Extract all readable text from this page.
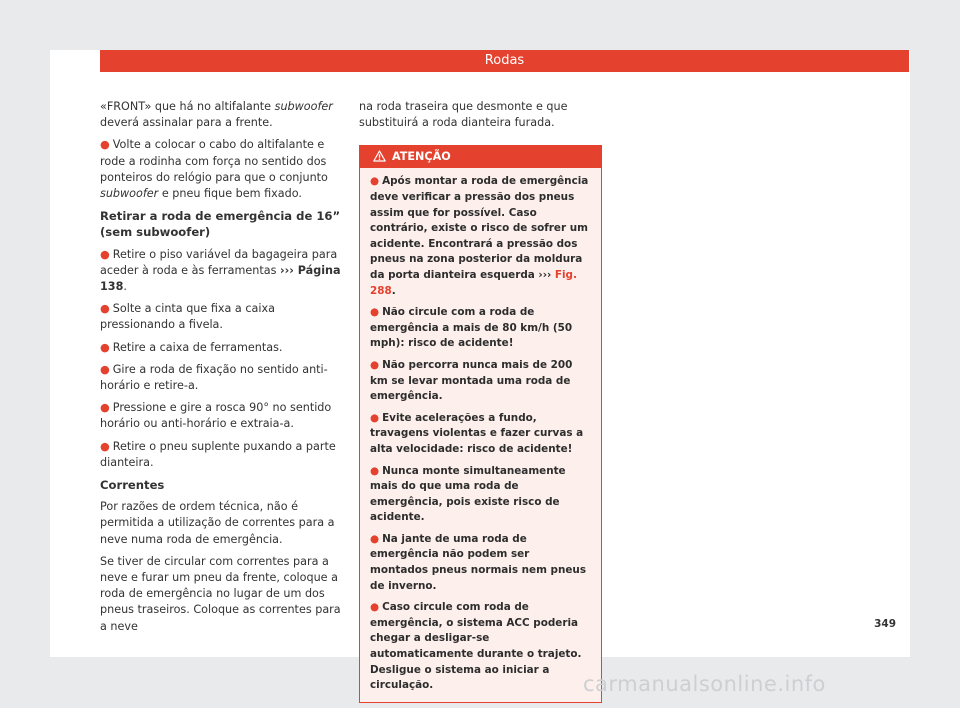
Rodas

«FRONT» que há no altifalante subwoofer deverá assinalar para a frente.

● Volte a colocar o cabo do altifalante e rode a rodinha com força no sentido dos ponteiros do relógio para que o conjunto subwoofer e pneu fique bem fixado.

Retirar a roda de emergência de 16” (sem subwoofer)

● Retire o piso variável da bagageira para aceder à roda e às ferramentas ››› Página 138.

● Solte a cinta que fixa a caixa pressionando a fivela.

● Retire a caixa de ferramentas.

● Gire a roda de fixação no sentido anti-horário e retire-a.

● Pressione e gire a rosca 90° no sentido horário ou anti-horário e extraia-a.

● Retire o pneu suplente puxando a parte dianteira.

Correntes

Por razões de ordem técnica, não é permitida a utilização de correntes para a neve numa roda de emergência.

Se tiver de circular com correntes para a neve e furar um pneu da frente, coloque a roda de emergência no lugar de um dos pneus traseiros. Coloque as correntes para a neve

na roda traseira que desmonte e que substituirá a roda dianteira furada.

ATENÇÃO

● Após montar a roda de emergência deve verificar a pressão dos pneus assim que for possível. Caso contrário, existe o risco de sofrer um acidente. Encontrará a pressão dos pneus na zona posterior da moldura da porta dianteira esquerda ››› Fig. 288.

● Não circule com a roda de emergência a mais de 80 km/h (50 mph): risco de acidente!

● Não percorra nunca mais de 200 km se levar montada uma roda de emergência.

● Evite acelerações a fundo, travagens violentas e fazer curvas a alta velocidade: risco de acidente!

● Nunca monte simultaneamente mais do que uma roda de emergência, pois existe risco de acidente.

● Na jante de uma roda de emergência não podem ser montados pneus normais nem pneus de inverno.

● Caso circule com roda de emergência, o sistema ACC poderia chegar a desligar-se automaticamente durante o trajeto. Desligue o sistema ao iniciar a circulação.

349
carmanualsonline.info
